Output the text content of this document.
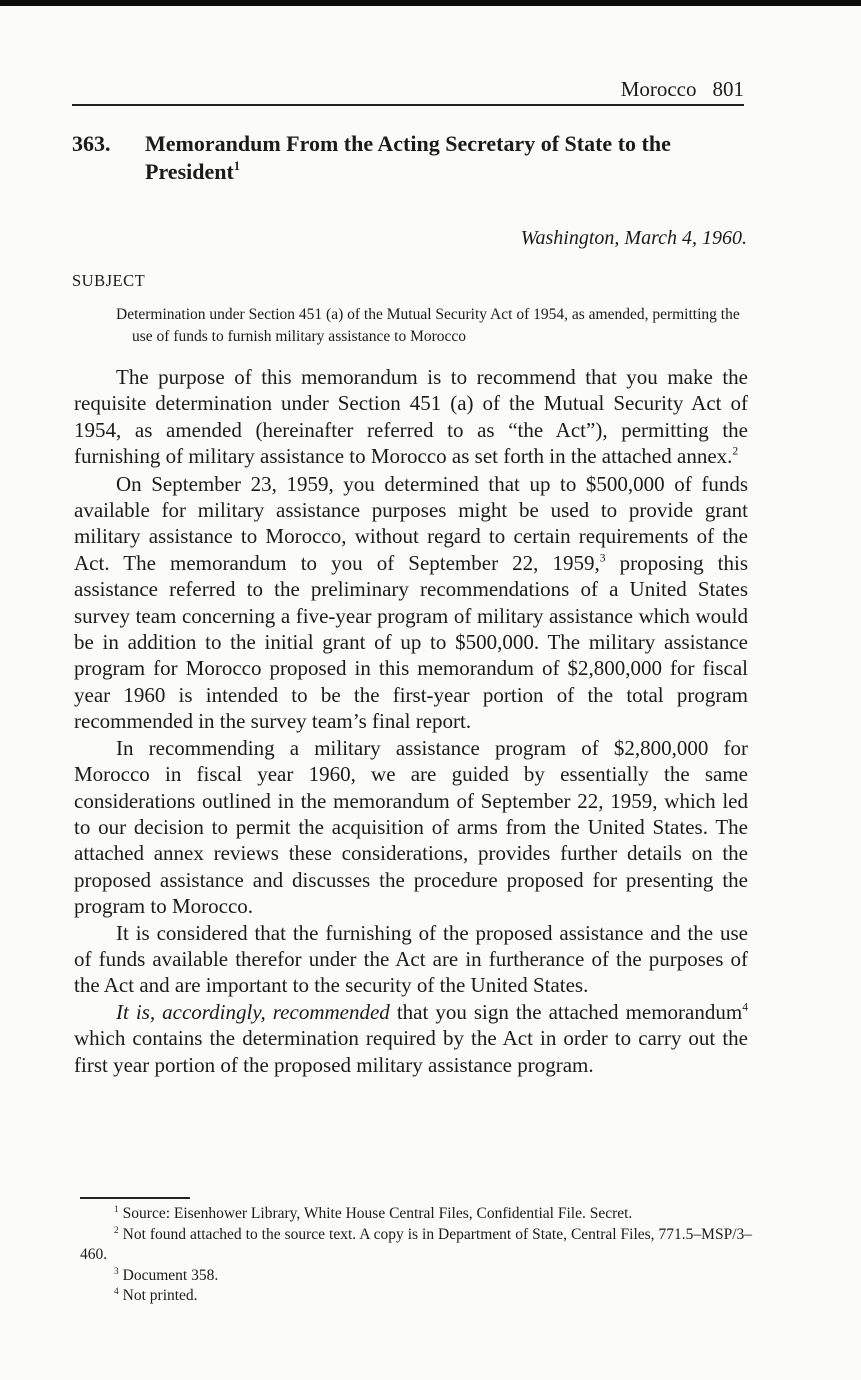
Morocco 801
363. Memorandum From the Acting Secretary of State to the President$^1$
Washington, March 4, 1960.
SUBJECT
Determination under Section 451 (a) of the Mutual Security Act of 1954, as amended, permitting the use of funds to furnish military assistance to Morocco

The purpose of this memorandum is to recommend that you make the requisite determination under Section 451 (a) of the Mutual Security Act of 1954, as amended (hereinafter referred to as “the Act”), permitting the furnishing of military assistance to Morocco as set forth in the attached annex.$^2$

On September 23, 1959, you determined that up to $500,000 of funds available for military assistance purposes might be used to provide grant military assistance to Morocco, without regard to certain requirements of the Act. The memorandum to you of September 22, 1959,$^3$ proposing this assistance referred to the preliminary recommendations of a United States survey team concerning a five-year program of military assistance which would be in addition to the initial grant of up to $500,000. The military assistance program for Morocco proposed in this memorandum of $2,800,000 for fiscal year 1960 is intended to be the first-year portion of the total program recommended in the survey team’s final report.

In recommending a military assistance program of $2,800,000 for Morocco in fiscal year 1960, we are guided by essentially the same considerations outlined in the memorandum of September 22, 1959, which led to our decision to permit the acquisition of arms from the United States. The attached annex reviews these considerations, provides further details on the proposed assistance and discusses the procedure proposed for presenting the program to Morocco.

It is considered that the furnishing of the proposed assistance and the use of funds available therefor under the Act are in furtherance of the purposes of the Act and are important to the security of the United States.

It is, accordingly, recommended that you sign the attached memorandum$^4$ which contains the determination required by the Act in order to carry out the first year portion of the proposed military assistance program.

$^1$ Source: Eisenhower Library, White House Central Files, Confidential File. Secret.

$^2$ Not found attached to the source text. A copy is in Department of State, Central Files, 771.5–MSP/3–460.

$^3$ Document 358.

$^4$ Not printed.
